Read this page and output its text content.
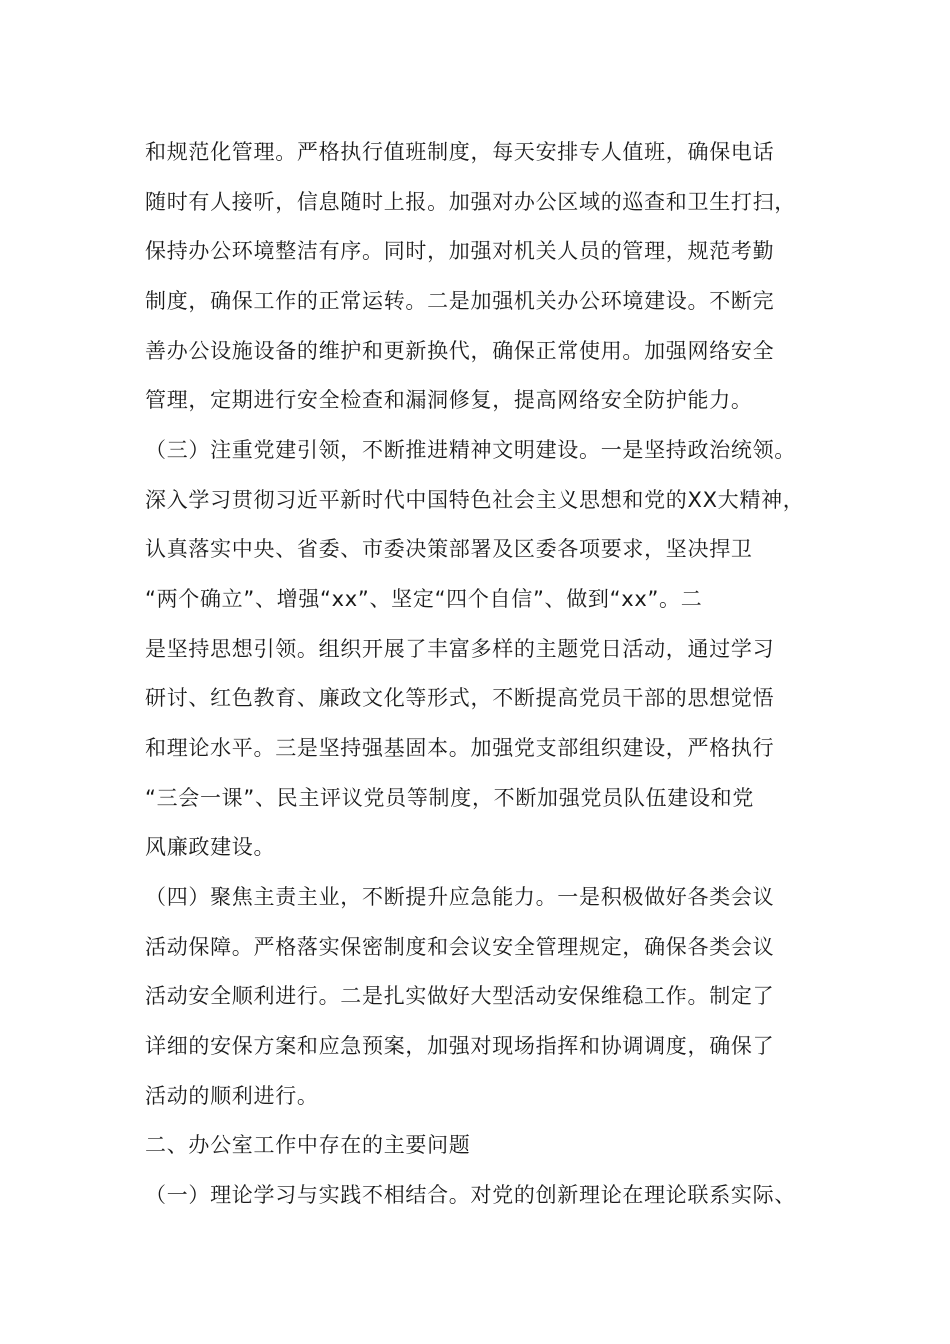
和规范化管理。严格执行值班制度，每天安排专人值班，确保电话
随时有人接听，信息随时上报。加强对办公区域的巡查和卫生打扫，
保持办公环境整洁有序。同时，加强对机关人员的管理，规范考勤
制度，确保工作的正常运转。二是加强机关办公环境建设。不断完
善办公设施设备的维护和更新换代，确保正常使用。加强网络安全
管理，定期进行安全检查和漏洞修复，提高网络安全防护能力。
（三）注重党建引领，不断推进精神文明建设。一是坚持政治统领。
深入学习贯彻习近平新时代中国特色社会主义思想和党的XX大精神，
认真落实中央、省委、市委决策部署及区委各项要求，坚决捍卫
“两个确立”、增强“xx”、坚定“四个自信”、做到“xx”。二
是坚持思想引领。组织开展了丰富多样的主题党日活动，通过学习
研讨、红色教育、廉政文化等形式，不断提高党员干部的思想觉悟
和理论水平。三是坚持强基固本。加强党支部组织建设，严格执行
“三会一课”、民主评议党员等制度，不断加强党员队伍建设和党
风廉政建设。
（四）聚焦主责主业，不断提升应急能力。一是积极做好各类会议
活动保障。严格落实保密制度和会议安全管理规定，确保各类会议
活动安全顺利进行。二是扎实做好大型活动安保维稳工作。制定了
详细的安保方案和应急预案，加强对现场指挥和协调调度，确保了
活动的顺利进行。
二、办公室工作中存在的主要问题
（一）理论学习与实践不相结合。对党的创新理论在理论联系实际、
